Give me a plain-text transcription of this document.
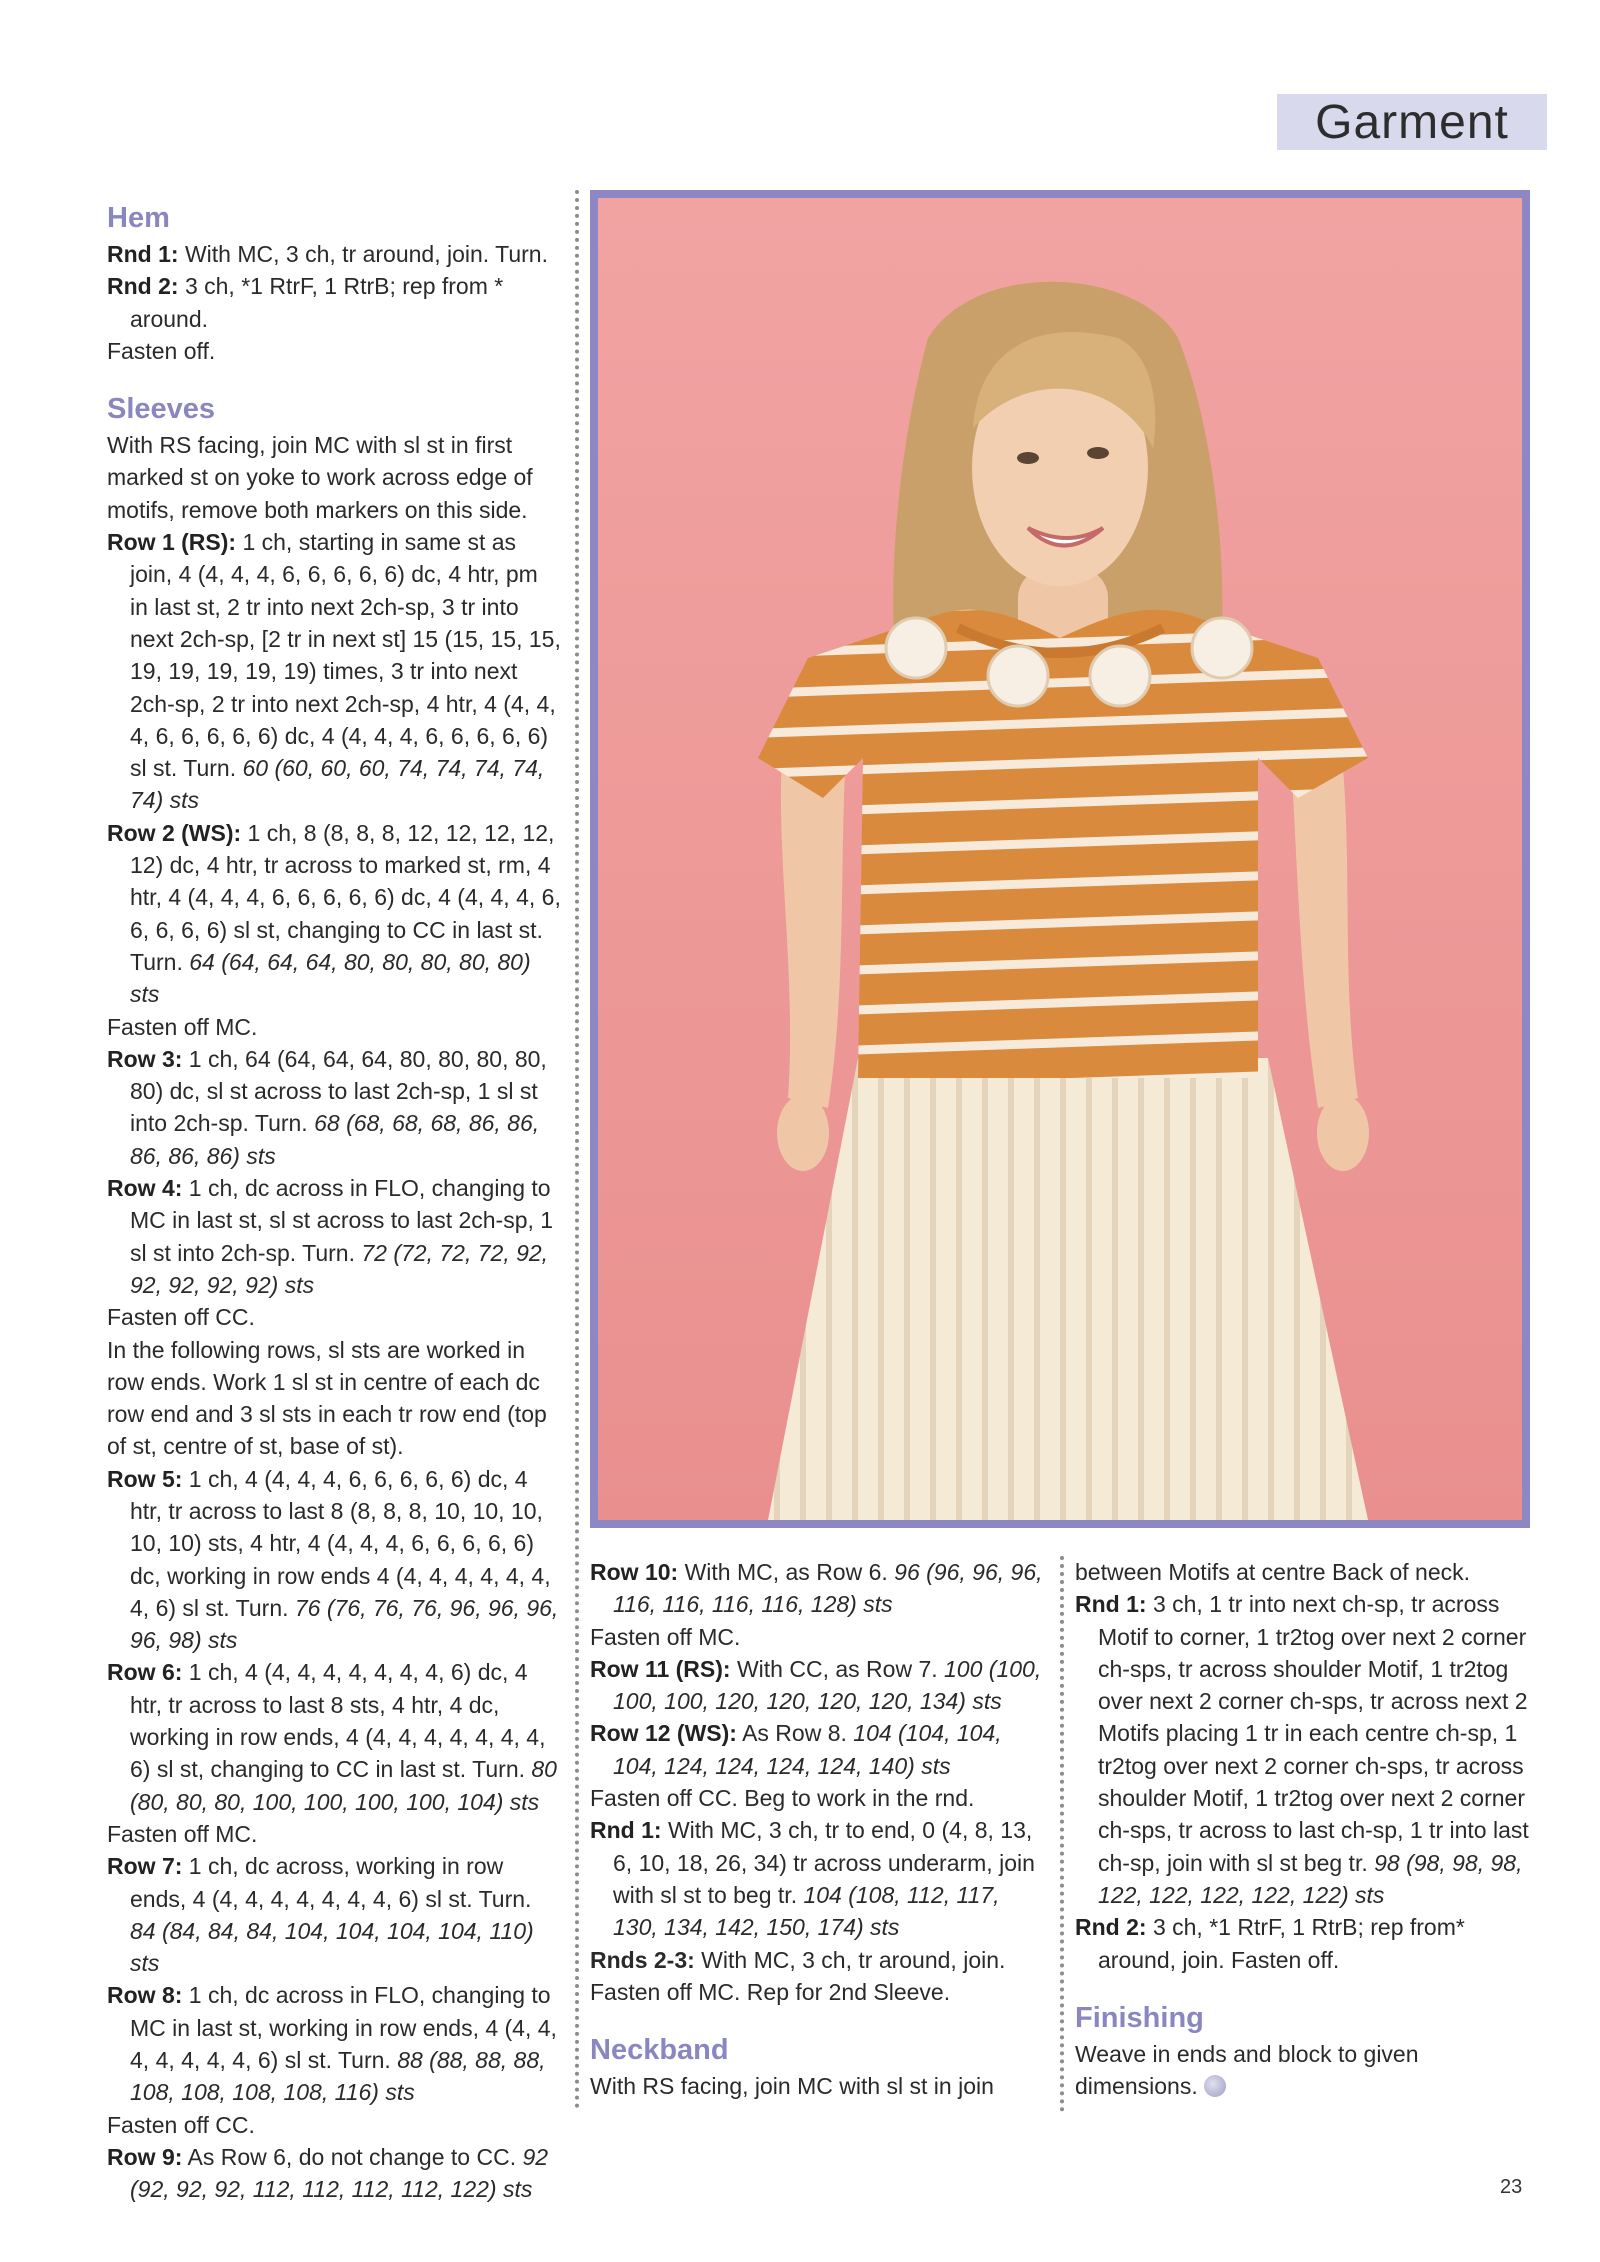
Garment
Hem

Rnd 1: With MC, 3 ch, tr around, join. Turn.

Rnd 2: 3 ch, *1 RtrF, 1 RtrB; rep from * around.

Fasten off.

Sleeves

With RS facing, join MC with sl st in first marked st on yoke to work across edge of motifs, remove both markers on this side.

Row 1 (RS): 1 ch, starting in same st as join, 4 (4, 4, 4, 6, 6, 6, 6, 6) dc, 4 htr, pm in last st, 2 tr into next 2ch-sp, 3 tr into next 2ch-sp, [2 tr in next st] 15 (15, 15, 15, 19, 19, 19, 19, 19) times, 3 tr into next 2ch-sp, 2 tr into next 2ch-sp, 4 htr, 4 (4, 4, 4, 6, 6, 6, 6, 6) dc, 4 (4, 4, 4, 6, 6, 6, 6, 6) sl st. Turn. 60 (60, 60, 60, 74, 74, 74, 74, 74) sts

Row 2 (WS): 1 ch, 8 (8, 8, 8, 12, 12, 12, 12, 12) dc, 4 htr, tr across to marked st, rm, 4 htr, 4 (4, 4, 4, 6, 6, 6, 6, 6) dc, 4 (4, 4, 4, 6, 6, 6, 6, 6) sl st, changing to CC in last st. Turn. 64 (64, 64, 64, 80, 80, 80, 80, 80) sts

Fasten off MC.

Row 3: 1 ch, 64 (64, 64, 64, 80, 80, 80, 80, 80) dc, sl st across to last 2ch-sp, 1 sl st into 2ch-sp. Turn. 68 (68, 68, 68, 86, 86, 86, 86, 86) sts

Row 4: 1 ch, dc across in FLO, changing to MC in last st, sl st across to last 2ch-sp, 1 sl st into 2ch-sp. Turn. 72 (72, 72, 72, 92, 92, 92, 92, 92) sts

Fasten off CC.

In the following rows, sl sts are worked in row ends. Work 1 sl st in centre of each dc row end and 3 sl sts in each tr row end (top of st, centre of st, base of st).

Row 5: 1 ch, 4 (4, 4, 4, 6, 6, 6, 6, 6) dc, 4 htr, tr across to last 8 (8, 8, 8, 10, 10, 10, 10, 10) sts, 4 htr, 4 (4, 4, 4, 6, 6, 6, 6, 6) dc, working in row ends 4 (4, 4, 4, 4, 4, 4, 4, 6) sl st. Turn. 76 (76, 76, 76, 96, 96, 96, 96, 98) sts

Row 6: 1 ch, 4 (4, 4, 4, 4, 4, 4, 4, 6) dc, 4 htr, tr across to last 8 sts, 4 htr, 4 dc, working in row ends, 4 (4, 4, 4, 4, 4, 4, 4, 6) sl st, changing to CC in last st. Turn. 80 (80, 80, 80, 100, 100, 100, 100, 104) sts

Fasten off MC.

Row 7: 1 ch, dc across, working in row ends, 4 (4, 4, 4, 4, 4, 4, 4, 6) sl st. Turn. 84 (84, 84, 84, 104, 104, 104, 104, 110) sts

Row 8: 1 ch, dc across in FLO, changing to MC in last st, working in row ends, 4 (4, 4, 4, 4, 4, 4, 4, 6) sl st. Turn. 88 (88, 88, 88, 108, 108, 108, 108, 116) sts

Fasten off CC.

Row 9: As Row 6, do not change to CC. 92 (92, 92, 92, 112, 112, 112, 112, 122) sts

Row 10: With MC, as Row 6. 96 (96, 96, 96, 116, 116, 116, 116, 128) sts

Fasten off MC.

Row 11 (RS): With CC, as Row 7. 100 (100, 100, 100, 120, 120, 120, 120, 134) sts

Row 12 (WS): As Row 8. 104 (104, 104, 104, 124, 124, 124, 124, 140) sts

Fasten off CC. Beg to work in the rnd.

Rnd 1: With MC, 3 ch, tr to end, 0 (4, 8, 13, 6, 10, 18, 26, 34) tr across underarm, join with sl st to beg tr. 104 (108, 112, 117, 130, 134, 142, 150, 174) sts

Rnds 2-3: With MC, 3 ch, tr around, join. Fasten off MC. Rep for 2nd Sleeve.

Neckband

With RS facing, join MC with sl st in join

between Motifs at centre Back of neck.

Rnd 1: 3 ch, 1 tr into next ch-sp, tr across Motif to corner, 1 tr2tog over next 2 corner ch-sps, tr across shoulder Motif, 1 tr2tog over next 2 corner ch-sps, tr across next 2 Motifs placing 1 tr in each centre ch-sp, 1 tr2tog over next 2 corner ch-sps, tr across shoulder Motif, 1 tr2tog over next 2 corner ch-sps, tr across to last ch-sp, 1 tr into last ch-sp, join with sl st beg tr. 98 (98, 98, 98, 122, 122, 122, 122, 122) sts

Rnd 2: 3 ch, *1 RtrF, 1 RtrB; rep from* around, join. Fasten off.

Finishing

Weave in ends and block to given dimensions.

23
